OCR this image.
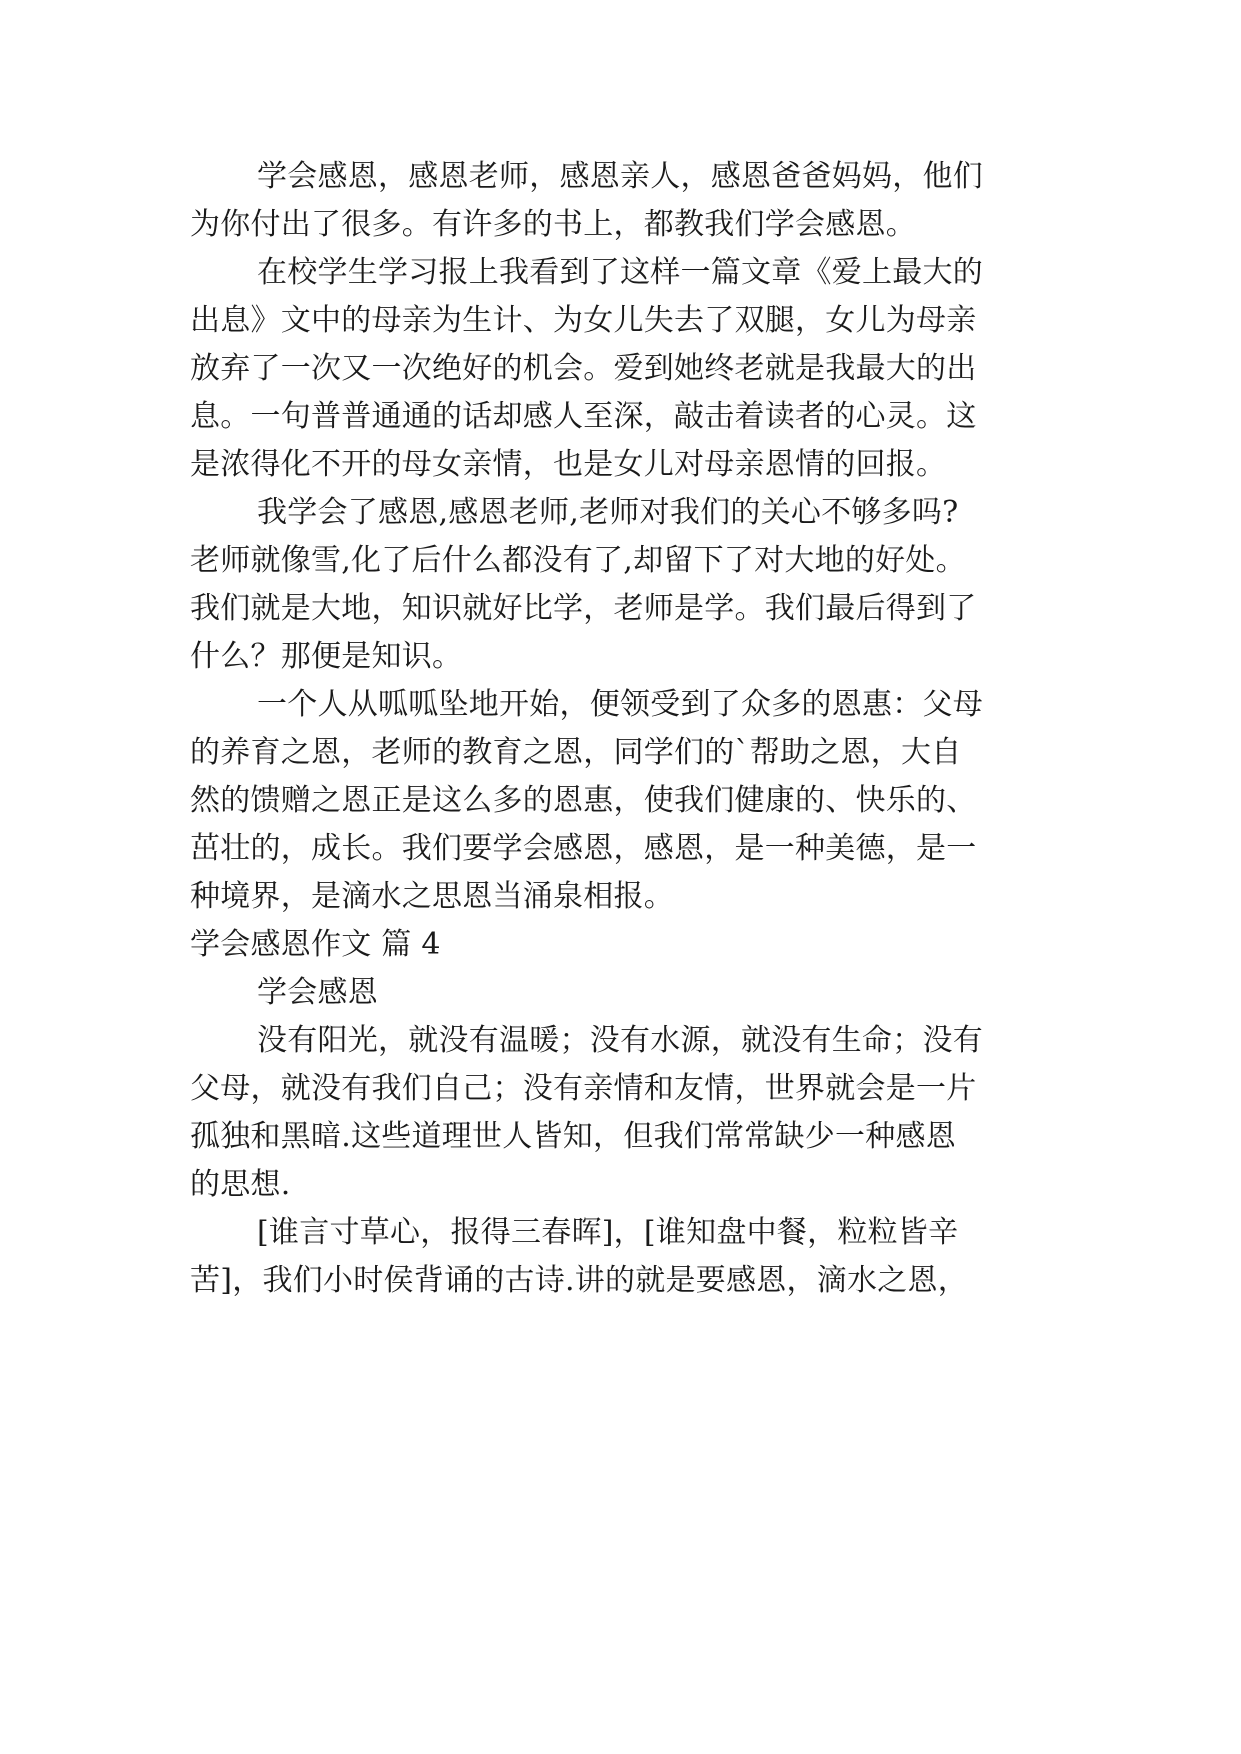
学会感恩，感恩老师，感恩亲人，感恩爸爸妈妈，他们
为你付出了很多。有许多的书上，都教我们学会感恩。
在校学生学习报上我看到了这样一篇文章《爱上最大的
出息》文中的母亲为生计、为女儿失去了双腿，女儿为母亲
放弃了一次又一次绝好的机会。爱到她终老就是我最大的出
息。一句普普通通的话却感人至深，敲击着读者的心灵。这
是浓得化不开的母女亲情，也是女儿对母亲恩情的回报。
我学会了感恩,感恩老师,老师对我们的关心不够多吗?
老师就像雪,化了后什么都没有了,却留下了对大地的好处。
我们就是大地，知识就好比学，老师是学。我们最后得到了
什么？那便是知识。
一个人从呱呱坠地开始，便领受到了众多的恩惠：父母
的养育之恩，老师的教育之恩，同学们的`帮助之恩，大自
然的馈赠之恩正是这么多的恩惠，使我们健康的、快乐的、
茁壮的，成长。我们要学会感恩，感恩，是一种美德，是一
种境界，是滴水之思恩当涌泉相报。
学会感恩作文 篇 4
学会感恩
没有阳光，就没有温暖；没有水源，就没有生命；没有
父母，就没有我们自己；没有亲情和友情，世界就会是一片
孤独和黑暗.这些道理世人皆知，但我们常常缺少一种感恩
的思想.
[谁言寸草心，报得三春晖]，[谁知盘中餐，粒粒皆辛
苦]，我们小时侯背诵的古诗.讲的就是要感恩，滴水之恩，
